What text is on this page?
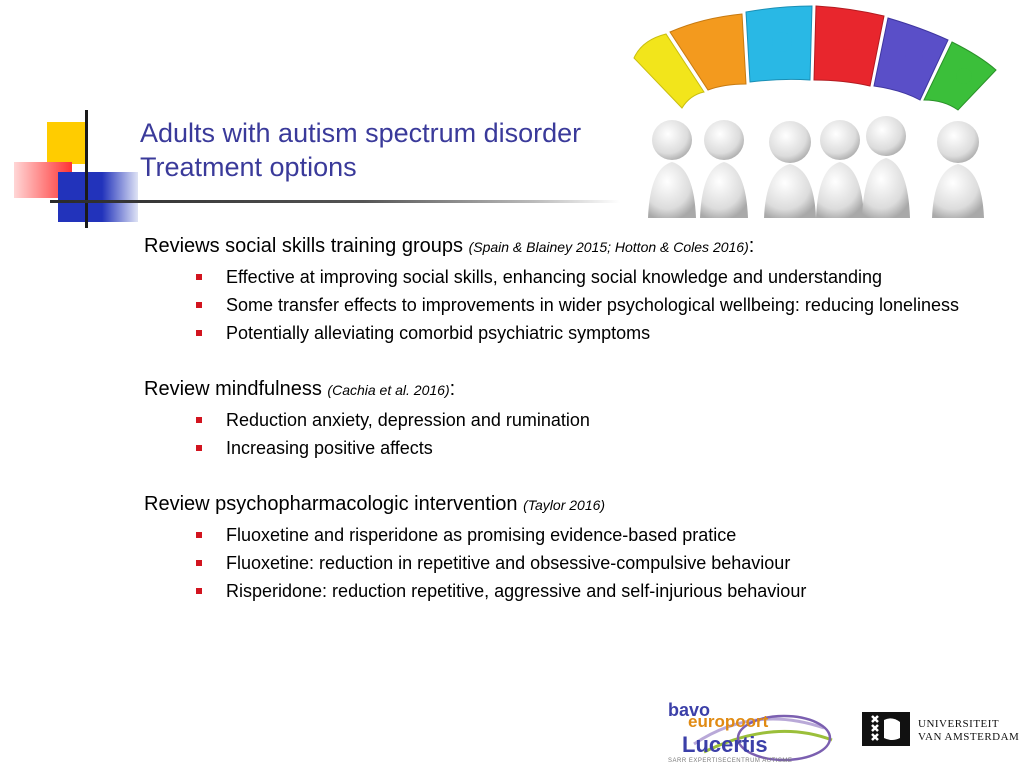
Adults with autism spectrum disorder
Treatment options
Reviews social skills training groups (Spain & Blainey 2015; Hotton & Coles 2016):
Effective at improving social skills, enhancing social knowledge and understanding
Some transfer effects to improvements in wider psychological wellbeing: reducing loneliness
Potentially alleviating comorbid psychiatric symptoms
Review mindfulness (Cachia et al. 2016):
Reduction anxiety, depression and rumination
Increasing positive affects
Review psychopharmacologic intervention (Taylor 2016)
Fluoxetine and risperidone as promising evidence-based pratice
Fluoxetine: reduction in repetitive and obsessive-compulsive behaviour
Risperidone: reduction repetitive, aggressive and self-injurious behaviour
bavo
europoort
Lucertis
SARR EXPERTISECENTRUM AUTISME
UNIVERSITEIT
VAN AMSTERDAM
